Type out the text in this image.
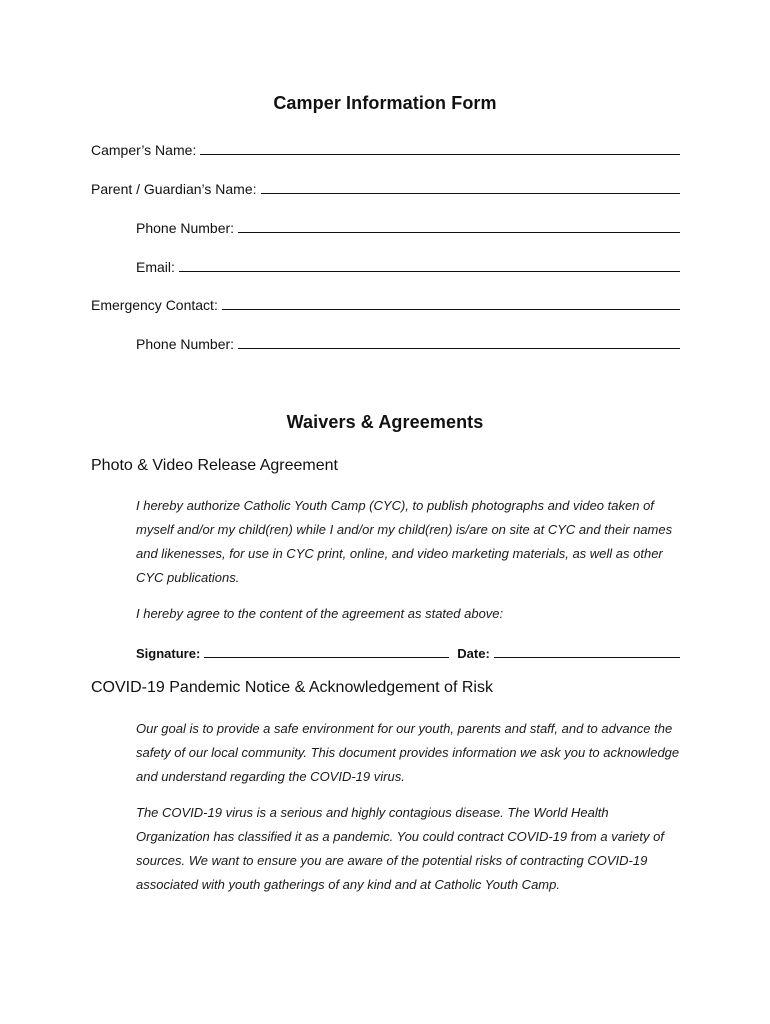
Camper Information Form
Camper’s Name:
Parent / Guardian’s Name:
Phone Number:
Email:
Emergency Contact:
Phone Number:
Waivers & Agreements
Photo & Video Release Agreement

I hereby authorize Catholic Youth Camp (CYC), to publish photographs and video taken of myself and/or my child(ren) while I and/or my child(ren) is/are on site at CYC and their names and likenesses, for use in CYC print, online, and video marketing materials, as well as other CYC publications.

I hereby agree to the content of the agreement as stated above:

Signature:	Date:
COVID-19 Pandemic Notice & Acknowledgement of Risk

Our goal is to provide a safe environment for our youth, parents and staff, and to advance the safety of our local community. This document provides information we ask you to acknowledge and understand regarding the COVID-19 virus.

The COVID-19 virus is a serious and highly contagious disease. The World Health Organization has classified it as a pandemic. You could contract COVID-19 from a variety of sources. We want to ensure you are aware of the potential risks of contracting COVID-19 associated with youth gatherings of any kind and at Catholic Youth Camp.
